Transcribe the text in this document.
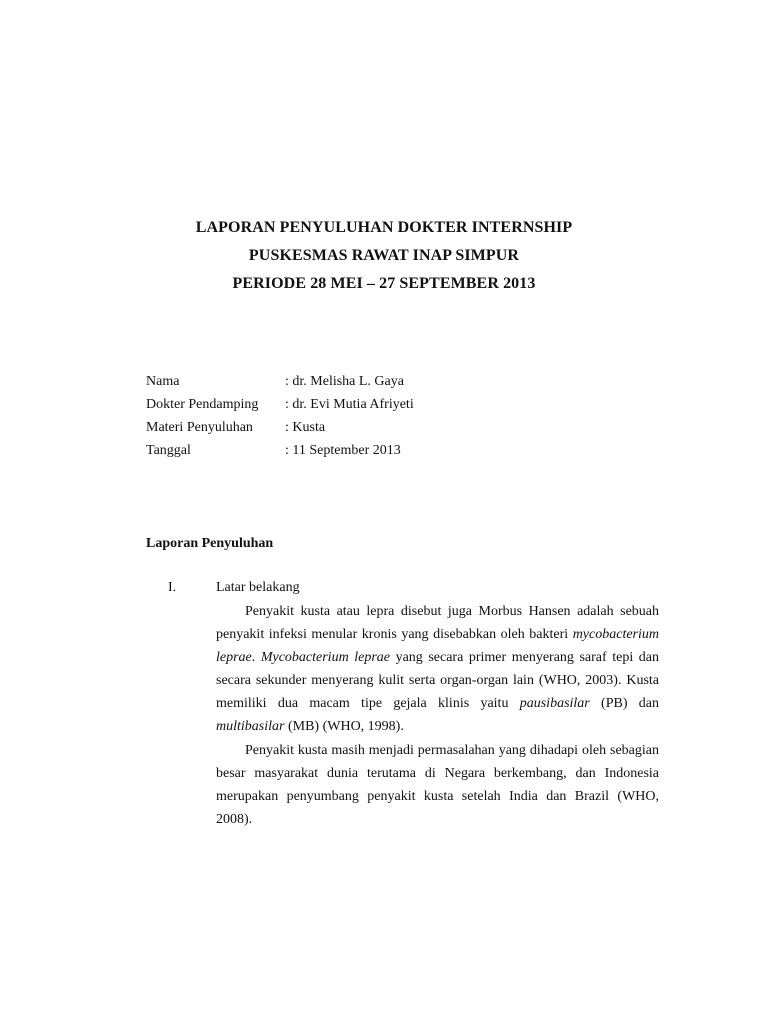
LAPORAN PENYULUHAN DOKTER INTERNSHIP
PUSKESMAS RAWAT INAP SIMPUR
PERIODE 28 MEI – 27 SEPTEMBER 2013
Nama	: dr. Melisha L. Gaya
Dokter Pendamping	: dr. Evi Mutia Afriyeti
Materi Penyuluhan	: Kusta
Tanggal	: 11 September 2013
Laporan Penyuluhan
I.	Latar belakang

Penyakit kusta atau lepra disebut juga Morbus Hansen adalah sebuah penyakit infeksi menular kronis yang disebabkan oleh bakteri mycobacterium leprae. Mycobacterium leprae yang secara primer menyerang saraf tepi dan secara sekunder menyerang kulit serta organ-organ lain (WHO, 2003). Kusta memiliki dua macam tipe gejala klinis yaitu pausibasilar (PB) dan multibasilar (MB) (WHO, 1998).

Penyakit kusta masih menjadi permasalahan yang dihadapi oleh sebagian besar masyarakat dunia terutama di Negara berkembang, dan Indonesia merupakan penyumbang penyakit kusta setelah India dan Brazil (WHO, 2008).
